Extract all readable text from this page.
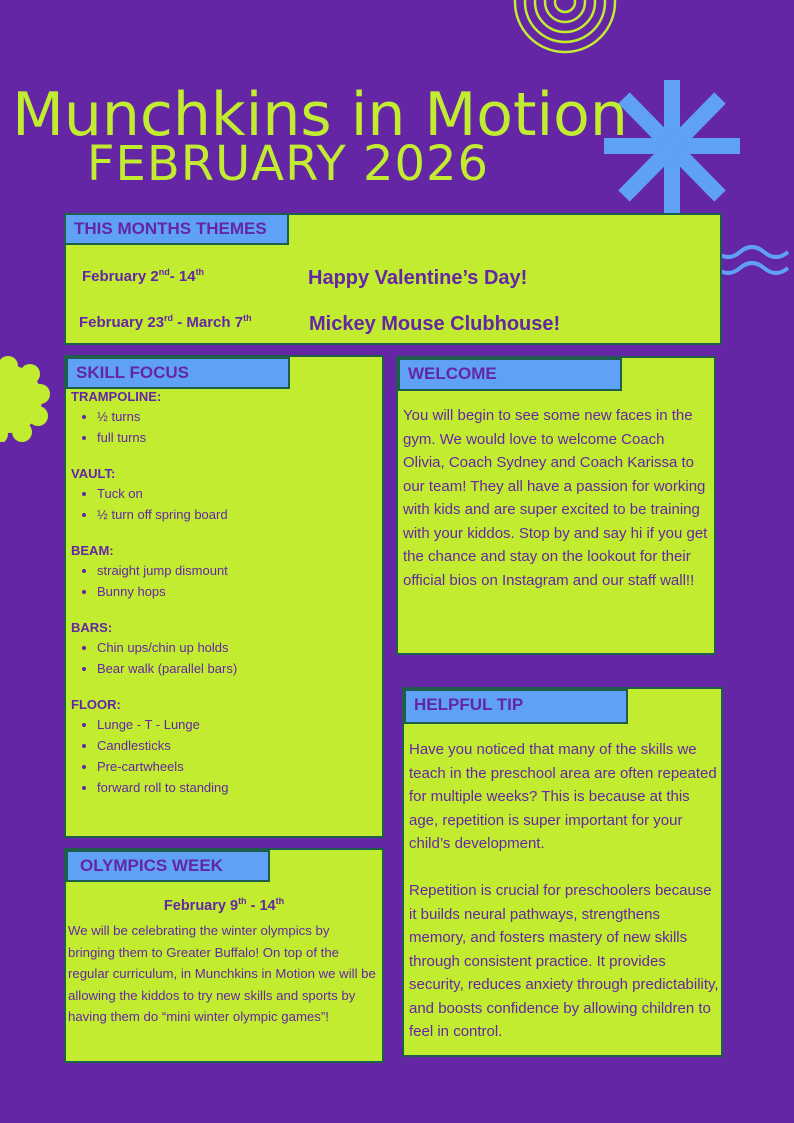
Munchkins in Motion
FEBRUARY 2026
THIS MONTHS THEMES
February 2nd- 14th	Happy Valentine’s Day!
February 23rd - March 7th	Mickey Mouse Clubhouse!
SKILL FOCUS
TRAMPOLINE:
• ½ turns
• full turns
VAULT:
• Tuck on
• ½ turn off spring board
BEAM:
• straight jump dismount
• Bunny hops
BARS:
• Chin ups/chin up holds
• Bear walk (parallel bars)
FLOOR:
• Lunge - T - Lunge
• Candlesticks
• Pre-cartwheels
• forward roll to standing
OLYMPICS WEEK
February 9th - 14th
We will be celebrating the winter olympics by bringing them to Greater Buffalo! On top of the regular curriculum, in Munchkins in Motion we will be allowing the kiddos to try new skills and sports by having them do “mini winter olympic games”!
WELCOME
You will begin to see some new faces in the gym. We would love to welcome Coach Olivia, Coach Sydney and Coach Karissa to our team! They all have a passion for working with kids and are super excited to be training with your kiddos. Stop by and say hi if you get the chance and stay on the lookout for their official bios on Instagram and our staff wall!!
HELPFUL TIP
Have you noticed that many of the skills we teach in the preschool area are often repeated for multiple weeks? This is because at this age, repetition is super important for your child’s development.
Repetition is crucial for preschoolers because it builds neural pathways, strengthens memory, and fosters mastery of new skills through consistent practice. It provides security, reduces anxiety through predictability, and boosts confidence by allowing children to feel in control.
